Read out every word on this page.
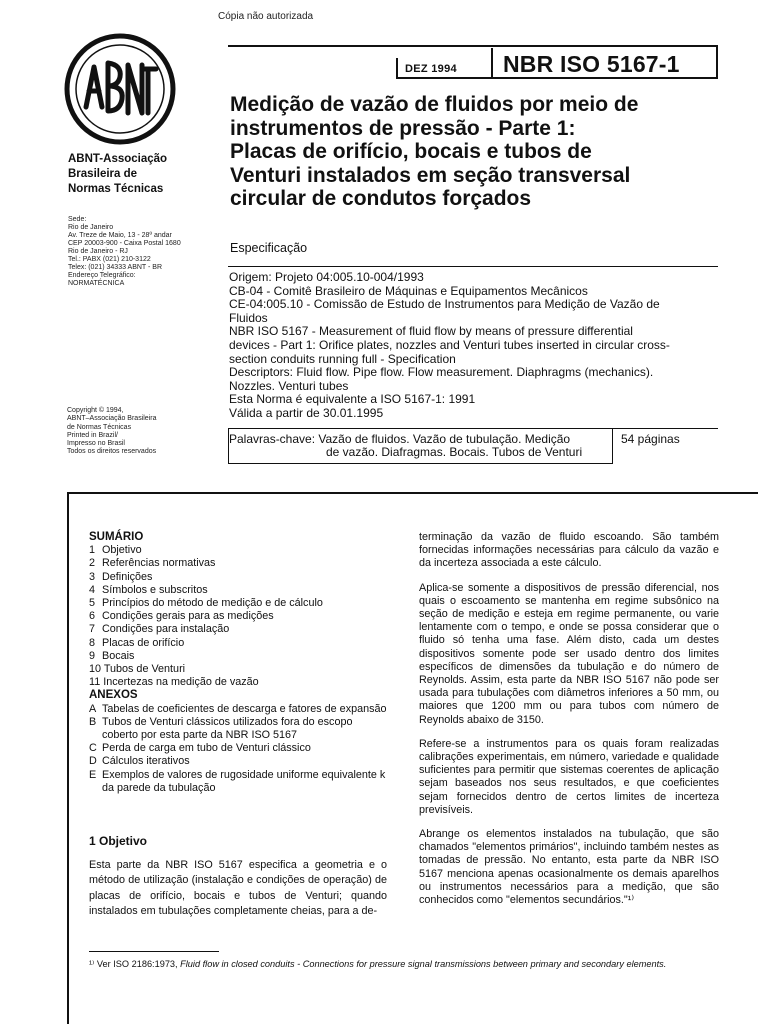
Cópia não autorizada
DEZ 1994 NBR ISO 5167-1
Medição de vazão de fluidos por meio de
instrumentos de pressão - Parte 1:
Placas de orifício, bocais e tubos de
Venturi instalados em seção transversal
circular de condutos forçados
Especificação
ABNT-Associação
Brasileira de
Normas Técnicas
Sede:
Rio de Janeiro
Av. Treze de Maio, 13 - 28º andar
CEP 20003-900 - Caixa Postal 1680
Rio de Janeiro - RJ
Tel.: PABX (021) 210-3122
Telex: (021) 34333 ABNT - BR
Endereço Telegráfico:
NORMATÉCNICA
Copyright © 1994,
ABNT–Associação Brasileira
de Normas Técnicas
Printed in Brazil/
Impresso no Brasil
Todos os direitos reservados
Origem: Projeto 04:005.10-004/1993
CB-04 - Comitê Brasileiro de Máquinas e Equipamentos Mecânicos
CE-04:005.10 - Comissão de Estudo de Instrumentos para Medição de Vazão de
Fluidos
NBR ISO 5167 - Measurement of fluid flow by means of pressure differential
devices - Part 1: Orifice plates, nozzles and Venturi tubes inserted in circular cross-
section conduits running full - Specification
Descriptors: Fluid flow. Pipe flow. Flow measurement. Diaphragms (mechanics).
Nozzles. Venturi tubes
Esta Norma é equivalente a ISO 5167-1: 1991
Válida a partir de 30.01.1995
Palavras-chave: Vazão de fluidos. Vazão de tubulação. Medição
de vazão. Diafragmas. Bocais. Tubos de Venturi
54 páginas
SUMÁRIO
1 Objetivo
2 Referências normativas
3 Definições
4 Símbolos e subscritos
5 Princípios do método de medição e de cálculo
6 Condições gerais para as medições
7 Condições para instalação
8 Placas de orifício
9 Bocais
10 Tubos de Venturi
11 Incertezas na medição de vazão
ANEXOS
A Tabelas de coeficientes de descarga e fatores de expansão
B Tubos de Venturi clássicos utilizados fora do escopo coberto por esta parte da NBR ISO 5167
C Perda de carga em tubo de Venturi clássico
D Cálculos iterativos
E Exemplos de valores de rugosidade uniforme equivalente k da parede da tubulação
1 Objetivo
Esta parte da NBR ISO 5167 especifica a geometria e o método de utilização (instalação e condições de operação) de placas de orifício, bocais e tubos de Venturi; quando instalados em tubulações completamente cheias, para a de-

terminação da vazão de fluido escoando. São também fornecidas informações necessárias para cálculo da vazão e da incerteza associada a este cálculo.

Aplica-se somente a dispositivos de pressão diferencial, nos quais o escoamento se mantenha em regime subsônico na seção de medição e esteja em regime permanente, ou varie lentamente com o tempo, e onde se possa considerar que o fluido só tenha uma fase. Além disto, cada um destes dispositivos somente pode ser usado dentro dos limites específicos de dimensões da tubulação e do número de Reynolds. Assim, esta parte da NBR ISO 5167 não pode ser usada para tubulações com diâmetros inferiores a 50 mm, ou maiores que 1200 mm ou para tubos com número de Reynolds abaixo de 3150.

Refere-se a instrumentos para os quais foram realizadas calibrações experimentais, em número, variedade e qualidade suficientes para permitir que sistemas coerentes de aplicação sejam baseados nos seus resultados, e que coeficientes sejam fornecidos dentro de certos limites de incerteza previsíveis.

Abrange os elementos instalados na tubulação, que são chamados "elementos primários", incluindo também nestes as tomadas de pressão. No entanto, esta parte da NBR ISO 5167 menciona apenas ocasionalmente os demais aparelhos ou instrumentos necessários para a medição, que são conhecidos como "elementos secundários."¹⁾

¹⁾ Ver ISO 2186:1973, Fluid flow in closed conduits - Connections for pressure signal transmissions between primary and secondary elements.
